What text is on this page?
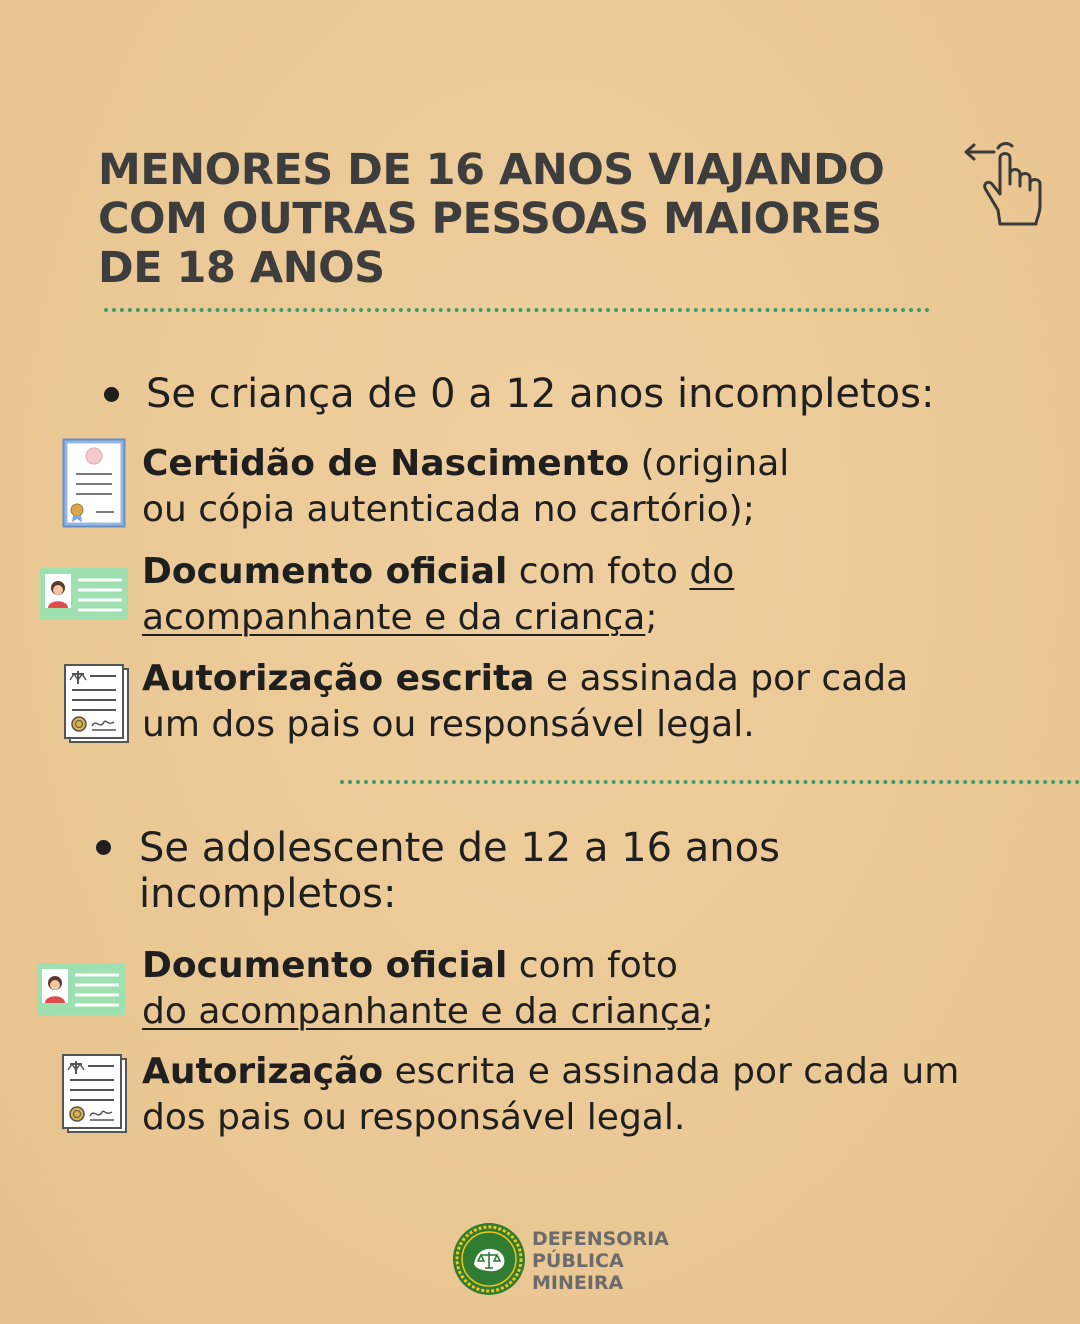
MENORES DE 16 ANOS VIAJANDO
COM OUTRAS PESSOAS MAIORES
DE 18 ANOS
Se criança de 0 a 12 anos incompletos:
Certidão de Nascimento (original
ou cópia autenticada no cartório);
Documento oficial com foto do
acompanhante e da criança;
Autorização escrita e assinada por cada
um dos pais ou responsável legal.
Se adolescente de 12 a 16 anos
incompletos:
Documento oficial com foto
do acompanhante e da criança;
Autorização escrita e assinada por cada um
dos pais ou responsável legal.
DEFENSORIA
PÚBLICA
MINEIRA
